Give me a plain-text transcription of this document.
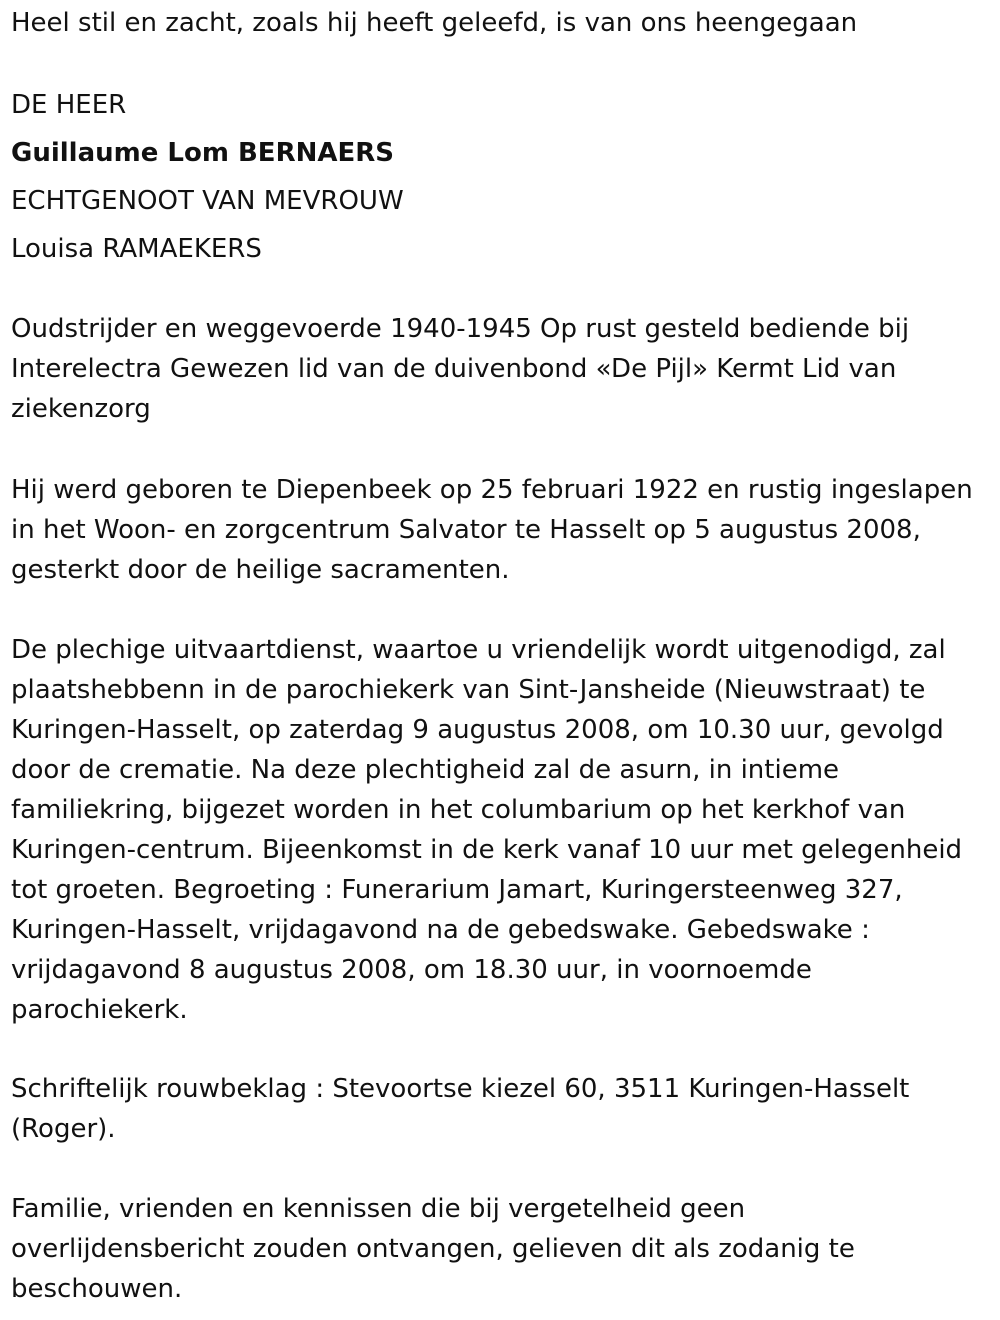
Heel stil en zacht, zoals hij heeft geleefd, is van ons heengegaan

DE HEER

Guillaume Lom BERNAERS

ECHTGENOOT VAN MEVROUW

Louisa RAMAEKERS

Oudstrijder en weggevoerde 1940-1945 Op rust gesteld bediende bij

Interelectra Gewezen lid van de duivenbond «De Pijl» Kermt Lid van

ziekenzorg

Hij werd geboren te Diepenbeek op 25 februari 1922 en rustig ingeslapen

in het Woon- en zorgcentrum Salvator te Hasselt op 5 augustus 2008,

gesterkt door de heilige sacramenten.

De plechige uitvaartdienst, waartoe u vriendelijk wordt uitgenodigd, zal

plaatshebbenn in de parochiekerk van Sint-Jansheide (Nieuwstraat) te

Kuringen-Hasselt, op zaterdag 9 augustus 2008, om 10.30 uur, gevolgd

door de crematie. Na deze plechtigheid zal de asurn, in intieme

familiekring, bijgezet worden in het columbarium op het kerkhof van

Kuringen-centrum. Bijeenkomst in de kerk vanaf 10 uur met gelegenheid

tot groeten. Begroeting : Funerarium Jamart, Kuringersteenweg 327,

Kuringen-Hasselt, vrijdagavond na de gebedswake. Gebedswake :

vrijdagavond 8 augustus 2008, om 18.30 uur, in voornoemde

parochiekerk.

Schriftelijk rouwbeklag : Stevoortse kiezel 60, 3511 Kuringen-Hasselt

(Roger).

Familie, vrienden en kennissen die bij vergetelheid geen

overlijdensbericht zouden ontvangen, gelieven dit als zodanig te

beschouwen.
